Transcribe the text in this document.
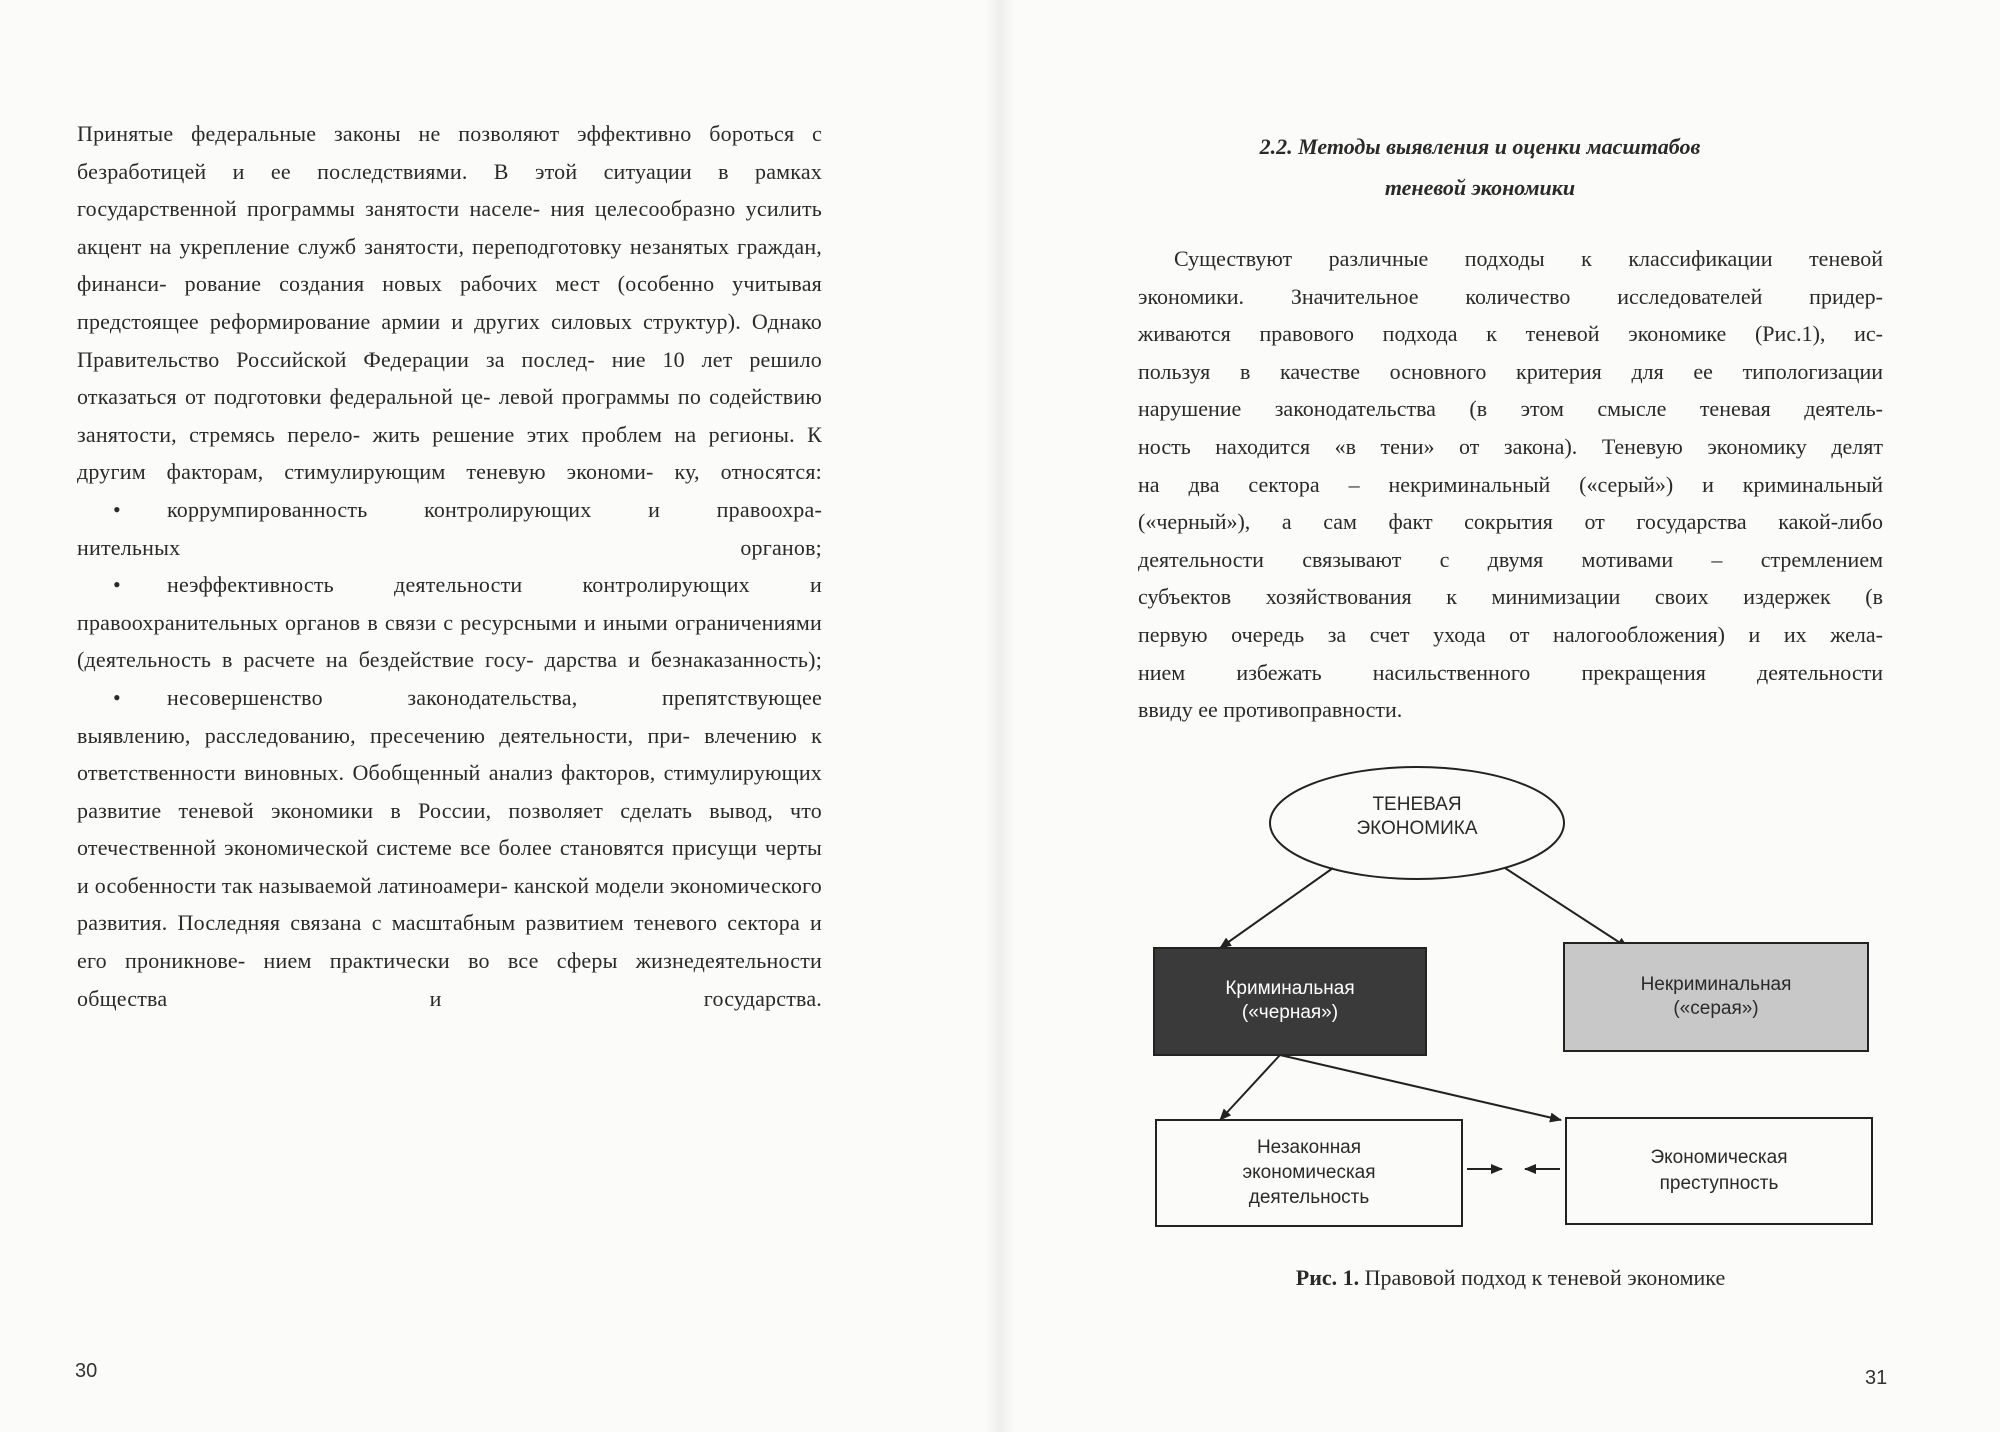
Принятые федеральные законы не позволяют эффективно бороться с безработицей и ее последствиями. В этой ситуации в рамках государственной программы занятости населе- ния целесообразно усилить акцент на укрепление служб занятости, переподготовку незанятых граждан, финанси- рование создания новых рабочих мест (особенно учитывая предстоящее реформирование армии и других силовых структур). Однако Правительство Российской Федерации за послед- ние 10 лет решило отказаться от подготовки федеральной це- левой программы по содействию занятости, стремясь перело- жить решение этих проблем на регионы. К другим факторам, стимулирующим теневую экономи- ку, относятся:
• коррумпированность контролирующих и правоохра-
нительных органов;
• неэффективность деятельности контролирующих и
правоохранительных органов в связи с ресурсными и иными ограничениями (деятельность в расчете на бездействие госу- дарства и безнаказанность);
• несовершенство законодательства, препятствующее
выявлению, расследованию, пресечению деятельности, при- влечению к ответственности виновных. Обобщенный анализ факторов, стимулирующих развитие теневой экономики в России, позволяет сделать вывод, что отечественной экономической системе все более становятся присущи черты и особенности так называемой латиноамери- канской модели экономического развития. Последняя связана с масштабным развитием теневого сектора и его проникнове- нием практически во все сферы жизнедеятельности общества	и государства.
30
2.2. Методы выявления и оценки масштабов
теневой экономики
Существуют различные подходы к классификации теневой
экономики. Значительное количество исследователей придер-
живаются правового подхода к теневой экономике (Рис.1), ис-
пользуя в качестве основного критерия для ее типологизации
нарушение законодательства (в этом смысле теневая деятель-
ность находится «в тени» от закона). Теневую экономику делят
на два сектора – некриминальный («серый») и криминальный
(«черный»), а сам факт сокрытия от государства какой-либо
деятельности связывают с двумя мотивами – стремлением
субъектов хозяйствования к минимизации своих издержек (в
первую очередь за счет ухода от налогообложения) и их жела-
нием избежать насильственного прекращения деятельности
ввиду ее противоправности.
ТЕНЕВАЯ
ЭКОНОМИКА
Криминальная
(«черная»)
Некриминальная
(«серая»)
Незаконная
экономическая
деятельность
Экономическая
преступность
Рис. 1. Правовой подход к теневой экономике
31
